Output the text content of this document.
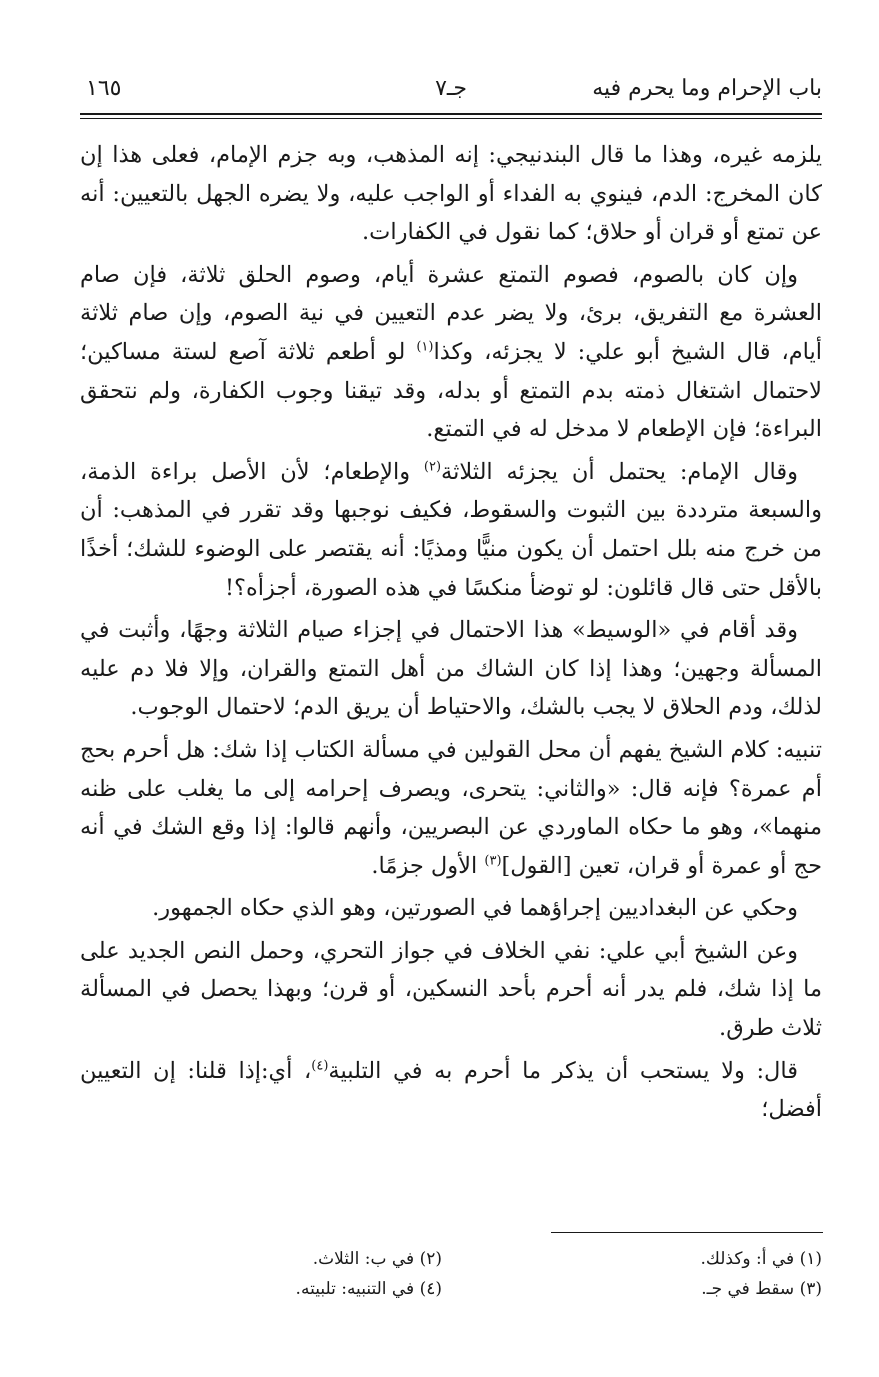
باب الإحرام وما يحرم فيه
جـ٧
١٦٥

يلزمه غيره، وهذا ما قال البندنيجي: إنه المذهب، وبه جزم الإمام، فعلى هذا إن كان المخرج: الدم، فينوي به الفداء أو الواجب عليه، ولا يضره الجهل بالتعيين: أنه عن تمتع أو قران أو حلاق؛ كما نقول في الكفارات.

وإن كان بالصوم، فصوم التمتع عشرة أيام، وصوم الحلق ثلاثة، فإن صام العشرة مع التفريق، برئ، ولا يضر عدم التعيين في نية الصوم، وإن صام ثلاثة أيام، قال الشيخ أبو علي: لا يجزئه، وكذا$^{(١)}$ لو أطعم ثلاثة آصع لستة مساكين؛ لاحتمال اشتغال ذمته بدم التمتع أو بدله، وقد تيقنا وجوب الكفارة، ولم نتحقق البراءة؛ فإن الإطعام لا مدخل له في التمتع.

وقال الإمام: يحتمل أن يجزئه الثلاثة$^{(٢)}$ والإطعام؛ لأن الأصل براءة الذمة، والسبعة مترددة بين الثبوت والسقوط، فكيف نوجبها وقد تقرر في المذهب: أن من خرج منه بلل احتمل أن يكون منيًّا ومذيًا: أنه يقتصر على الوضوء للشك؛ أخذًا بالأقل حتى قال قائلون: لو توضأ منكسًا في هذه الصورة، أجزأه؟!

وقد أقام في «الوسيط» هذا الاحتمال في إجزاء صيام الثلاثة وجهًا، وأثبت في المسألة وجهين؛ وهذا إذا كان الشاك من أهل التمتع والقران، وإلا فلا دم عليه لذلك، ودم الحلاق لا يجب بالشك، والاحتياط أن يريق الدم؛ لاحتمال الوجوب.

تنبيه: كلام الشيخ يفهم أن محل القولين في مسألة الكتاب إذا شك: هل أحرم بحج أم عمرة؟ فإنه قال: «والثاني: يتحرى، ويصرف إحرامه إلى ما يغلب على ظنه منهما»، وهو ما حكاه الماوردي عن البصريين، وأنهم قالوا: إذا وقع الشك في أنه حج أو عمرة أو قران، تعين [القول]$^{(٣)}$ الأول جزمًا.

وحكي عن البغداديين إجراؤهما في الصورتين، وهو الذي حكاه الجمهور.

وعن الشيخ أبي علي: نفي الخلاف في جواز التحري، وحمل النص الجديد على ما إذا شك، فلم يدر أنه أحرم بأحد النسكين، أو قرن؛ وبهذا يحصل في المسألة ثلاث طرق.

قال: ولا يستحب أن يذكر ما أحرم به في التلبية$^{(٤)}$، أي:إذا قلنا: إن التعيين أفضل؛

(١) في أ: وكذلك.
(٢) في ب: الثلاث.
(٣) سقط في جـ.
(٤) في التنبيه: تلبيته.
